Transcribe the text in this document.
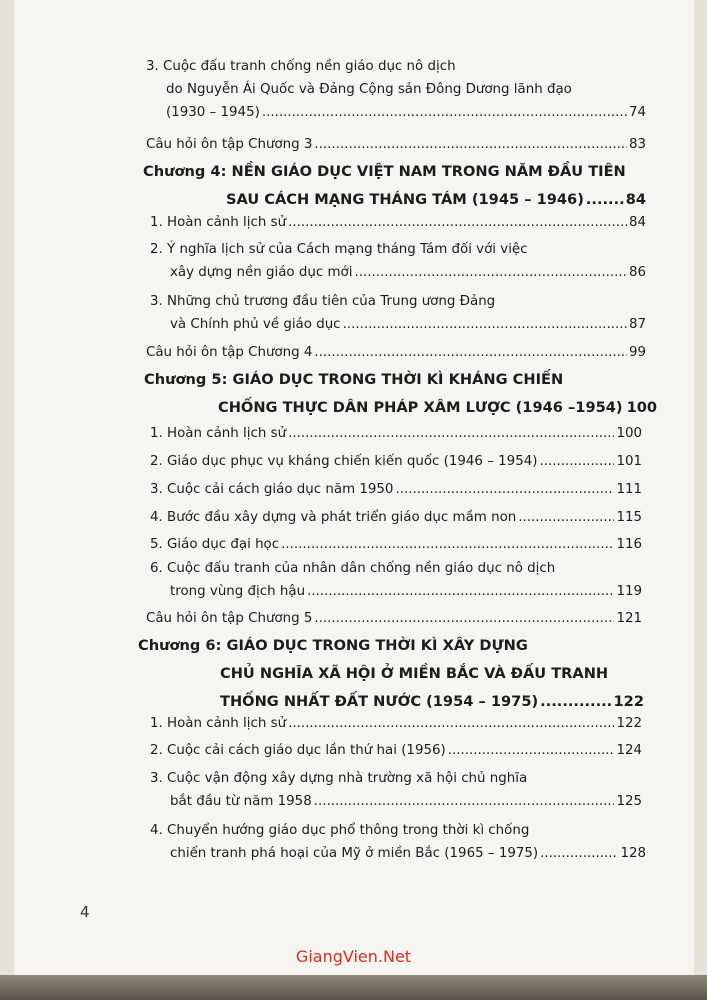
3. Cuộc đấu tranh chống nền giáo dục nô dịch
do Nguyễn Ái Quốc và Đảng Cộng sản Đông Dương lãnh đạo
(1930 – 1945) .....	74
Câu hỏi ôn tập Chương 3 .....	83
Chương 4: NỀN GIÁO DỤC VIỆT NAM TRONG NĂM ĐẦU TIÊN
SAU CÁCH MẠNG THÁNG TÁM (1945 – 1946) .....	84
1. Hoàn cảnh lịch sử .....	84
2. Ý nghĩa lịch sử của Cách mạng tháng Tám đối với việc
xây dựng nền giáo dục mới .....	86
3. Những chủ trương đầu tiên của Trung ương Đảng
và Chính phủ về giáo dục .....	87
Câu hỏi ôn tập Chương 4 .....	99
Chương 5: GIÁO DỤC TRONG THỜI KÌ KHÁNG CHIẾN
CHỐNG THỰC DÂN PHÁP XÂM LƯỢC (1946 –1954) 100
1. Hoàn cảnh lịch sử .....	100
2. Giáo dục phục vụ kháng chiến kiến quốc (1946 – 1954) .....	101
3. Cuộc cải cách giáo dục năm 1950 .....	111
4. Bước đầu xây dựng và phát triển giáo dục mầm non .....	115
5. Giáo dục đại học .....	116
6. Cuộc đấu tranh của nhân dân chống nền giáo dục nô dịch
trong vùng địch hậu .....	119
Câu hỏi ôn tập Chương 5 .....	121
Chương 6: GIÁO DỤC TRONG THỜI KÌ XÂY DỰNG
CHỦ NGHĨA XÃ HỘI Ở MIỀN BẮC VÀ ĐẤU TRANH
THỐNG NHẤT ĐẤT NƯỚC (1954 – 1975) .....	122
1. Hoàn cảnh lịch sử .....	122
2. Cuộc cải cách giáo dục lần thứ hai (1956) .....	124
3. Cuộc vận động xây dựng nhà trường xã hội chủ nghĩa
bắt đầu từ năm 1958 .....	125
4. Chuyển hướng giáo dục phổ thông trong thời kì chống
chiến tranh phá hoại của Mỹ ở miền Bắc (1965 – 1975) .....	128
4
GiangVien.Net
